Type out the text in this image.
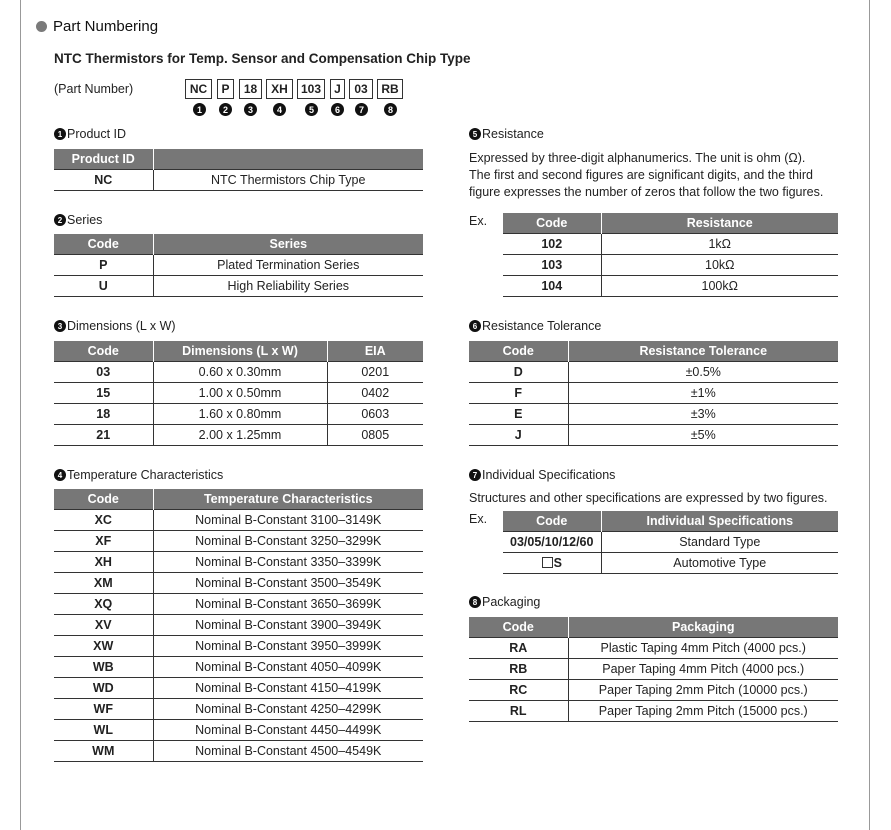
Part Numbering
NTC Thermistors for Temp. Sensor and Compensation Chip Type
(Part Number)	NC	P	18	XH	103	J	03	RB
1	2	3	4	5	6	7	8
1 Product ID
Product ID	
NC	NTC Thermistors Chip Type
2 Series
Code	Series
P	Plated Termination Series
U	High Reliability Series
3 Dimensions (L x W)
Code	Dimensions (L x W)	EIA
03	0.60 x 0.30mm	0201
15	1.00 x 0.50mm	0402
18	1.60 x 0.80mm	0603
21	2.00 x 1.25mm	0805
4 Temperature Characteristics
Code	Temperature Characteristics
XC	Nominal B-Constant 3100–3149K
XF	Nominal B-Constant 3250–3299K
XH	Nominal B-Constant 3350–3399K
XM	Nominal B-Constant 3500–3549K
XQ	Nominal B-Constant 3650–3699K
XV	Nominal B-Constant 3900–3949K
XW	Nominal B-Constant 3950–3999K
WB	Nominal B-Constant 4050–4099K
WD	Nominal B-Constant 4150–4199K
WF	Nominal B-Constant 4250–4299K
WL	Nominal B-Constant 4450–4499K
WM	Nominal B-Constant 4500–4549K
5 Resistance
Expressed by three-digit alphanumerics. The unit is ohm (Ω).
The first and second figures are significant digits, and the third
figure expresses the number of zeros that follow the two figures.
Ex.	Code	Resistance
102	1kΩ
103	10kΩ
104	100kΩ
6 Resistance Tolerance
Code	Resistance Tolerance
D	±0.5%
F	±1%
E	±3%
J	±5%
7 Individual Specifications
Structures and other specifications are expressed by two figures.
Ex.	Code	Individual Specifications
03/05/10/12/60	Standard Type
S	Automotive Type
8 Packaging
Code	Packaging
RA	Plastic Taping 4mm Pitch (4000 pcs.)
RB	Paper Taping 4mm Pitch (4000 pcs.)
RC	Paper Taping 2mm Pitch (10000 pcs.)
RL	Paper Taping 2mm Pitch (15000 pcs.)
